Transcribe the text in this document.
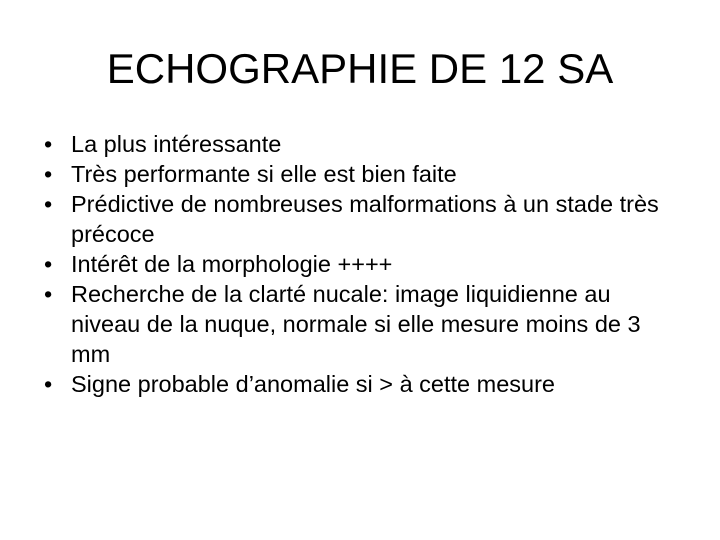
ECHOGRAPHIE DE 12 SA
• La plus intéressante
• Très performante si elle est bien faite
• Prédictive de nombreuses malformations à un stade très précoce
• Intérêt de la morphologie ++++
• Recherche de la clarté nucale: image liquidienne au niveau de la nuque, normale si elle mesure moins de 3 mm
• Signe probable d’anomalie si > à cette mesure
